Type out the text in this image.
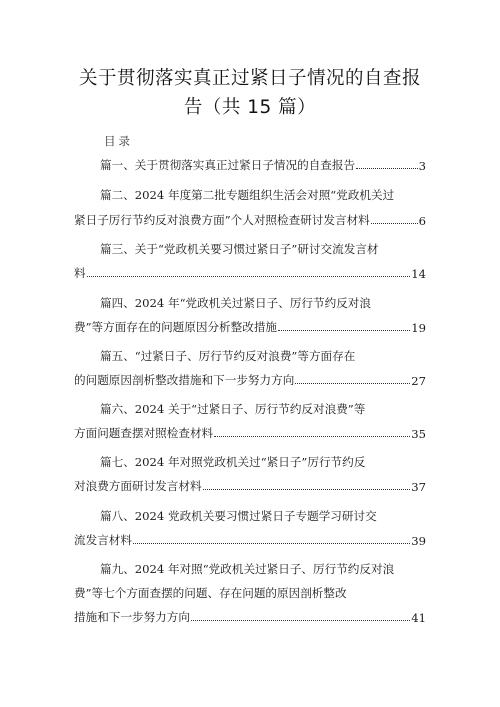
关于贯彻落实真正过紧日子情况的自查报
告（共 15 篇）
目录
篇一、关于贯彻落实真正过紧日子情况的自查报告	3
篇二、2024 年度第二批专题组织生活会对照“党政机关过
紧日子厉行节约反对浪费方面”个人对照检查研讨发言材料	6
篇三、关于“党政机关要习惯过紧日子”研讨交流发言材
料	14
篇四、2024 年“党政机关过紧日子、厉行节约反对浪
费”等方面存在的问题原因分析整改措施	19
篇五、“过紧日子、厉行节约反对浪费”等方面存在
的问题原因剖析整改措施和下一步努力方向	27
篇六、2024 关于“过紧日子、厉行节约反对浪费”等
方面问题查摆对照检查材料	35
篇七、2024 年对照党政机关过“紧日子”厉行节约反
对浪费方面研讨发言材料	37
篇八、2024 党政机关要习惯过紧日子专题学习研讨交
流发言材料	39
篇九、2024 年对照“党政机关过紧日子、厉行节约反对浪
费”等七个方面查摆的问题、存在问题的原因剖析整改
措施和下一步努力方向	41
